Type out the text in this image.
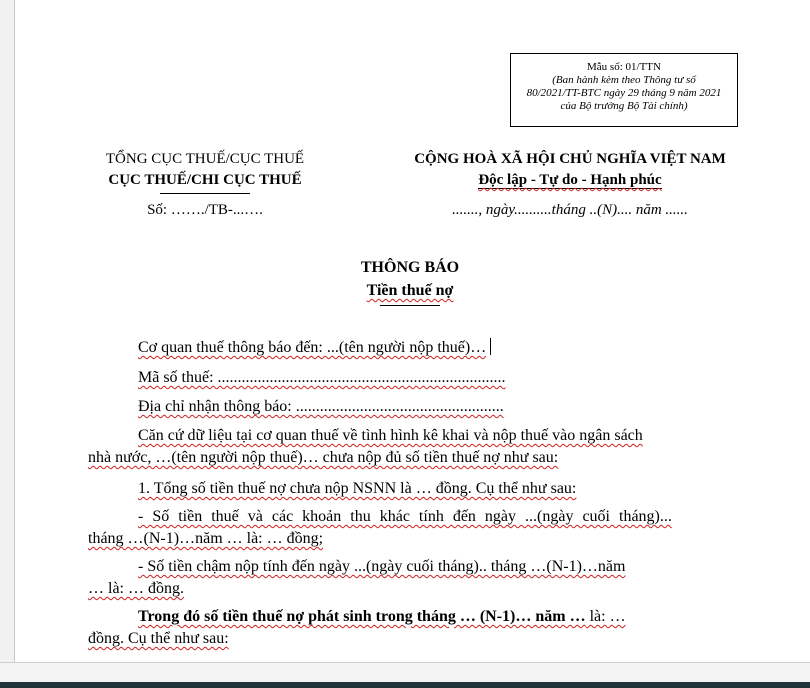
Mẫu số: 01/TTN
(Ban hành kèm theo Thông tư số
80/2021/TT-BTC ngày 29 tháng 9 năm 2021
của Bộ trưởng Bộ Tài chính)
TỔNG CỤC THUẾ/CỤC THUẾ
CỤC THUẾ/CHI CỤC THUẾ
Số: ……./TB-...….
CỘNG HOÀ XÃ HỘI CHỦ NGHĨA VIỆT NAM
Độc lập - Tự do - Hạnh phúc
......., ngày..........tháng ..(N).... năm ......
THÔNG BÁO
Tiền thuế nợ
Cơ quan thuế thông báo đến: ...(tên người nộp thuế)…
Mã số thuế: ........................................................................
Địa chỉ nhận thông báo: ....................................................
Căn cứ dữ liệu tại cơ quan thuế về tình hình kê khai và nộp thuế vào ngân sách
nhà nước, …(tên người nộp thuế)… chưa nộp đủ số tiền thuế nợ như sau:
1. Tổng số tiền thuế nợ chưa nộp NSNN là … đồng. Cụ thể như sau:
- Số tiền thuế và các khoản thu khác tính đến ngày ...(ngày cuối tháng)...
tháng …(N-1)…năm … là: … đồng;
- Số tiền chậm nộp tính đến ngày ...(ngày cuối tháng).. tháng …(N-1)…năm
… là: … đồng.
Trong đó số tiền thuế nợ phát sinh trong tháng … (N-1)… năm … là: …
đồng. Cụ thể như sau:
